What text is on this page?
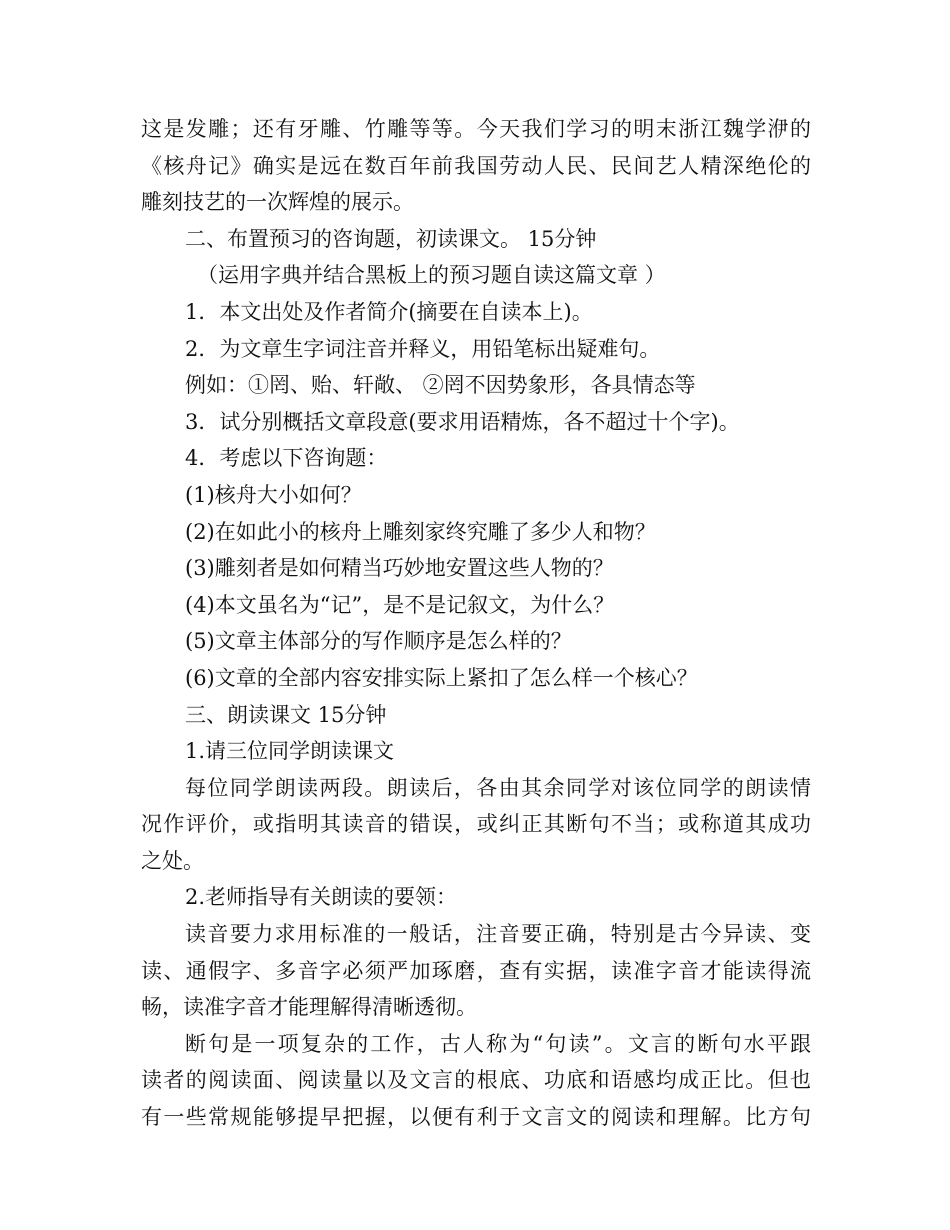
这是发雕；还有牙雕、竹雕等等。今天我们学习的明末浙江魏学洢的
《核舟记》确实是远在数百年前我国劳动人民、民间艺人精深绝伦的
雕刻技艺的一次辉煌的展示。
二、布置预习的咨询题，初读课文。 15分钟
（运用字典并结合黑板上的预习题自读这篇文章 ）
1．本文出处及作者简介(摘要在自读本上)。
2．为文章生字词注音并释义，用铅笔标出疑难句。
例如：①罔、贻、轩敞、 ②罔不因势象形，各具情态等
3．试分别概括文章段意(要求用语精炼，各不超过十个字)。
4．考虑以下咨询题：
(1)核舟大小如何？
(2)在如此小的核舟上雕刻家终究雕了多少人和物？
(3)雕刻者是如何精当巧妙地安置这些人物的？
(4)本文虽名为“记”，是不是记叙文，为什么？
(5)文章主体部分的写作顺序是怎么样的？
(6)文章的全部内容安排实际上紧扣了怎么样一个核心？
三、朗读课文 15分钟
1.请三位同学朗读课文
每位同学朗读两段。朗读后，各由其余同学对该位同学的朗读情
况作评价，或指明其读音的错误，或纠正其断句不当；或称道其成功
之处。
2.老师指导有关朗读的要领：
读音要力求用标准的一般话，注音要正确，特别是古今异读、变
读、通假字、多音字必须严加琢磨，查有实据，读准字音才能读得流
畅，读准字音才能理解得清晰透彻。
断句是一项复杂的工作，古人称为“句读”。文言的断句水平跟
读者的阅读面、阅读量以及文言的根底、功底和语感均成正比。但也
有一些常规能够提早把握，以便有利于文言文的阅读和理解。比方句
